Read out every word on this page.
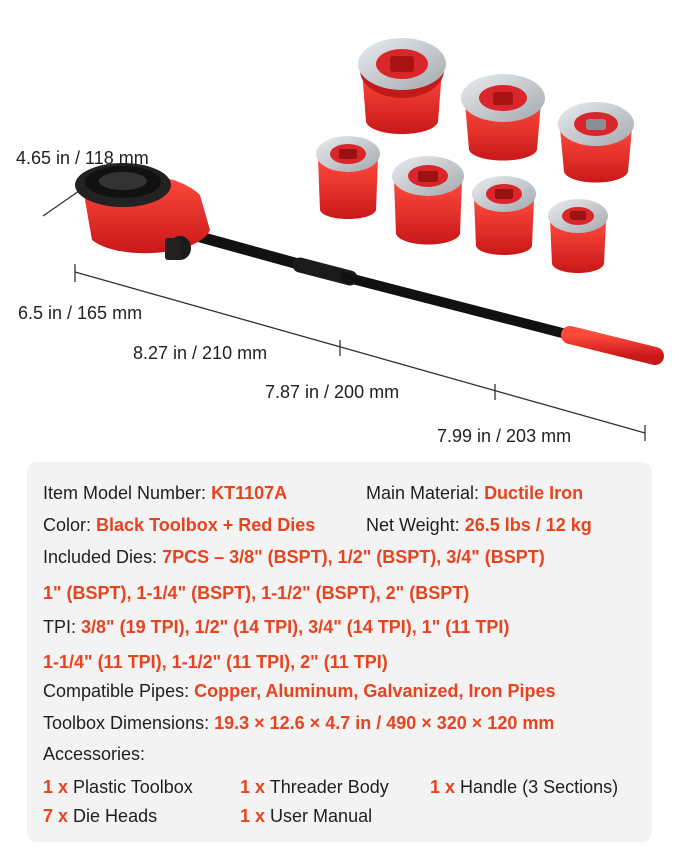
4.65 in / 118 mm
6.5 in / 165 mm
8.27 in / 210 mm
7.87 in / 200 mm
7.99 in / 203 mm
Item Model Number: KT1107A	Main Material: Ductile Iron
Color: Black Toolbox + Red Dies	Net Weight: 26.5 lbs / 12 kg
Included Dies: 7PCS – 3/8" (BSPT), 1/2" (BSPT), 3/4" (BSPT)
1" (BSPT), 1-1/4" (BSPT), 1-1/2" (BSPT), 2" (BSPT)
TPI: 3/8" (19 TPI), 1/2" (14 TPI), 3/4" (14 TPI), 1" (11 TPI)
1-1/4" (11 TPI), 1-1/2" (11 TPI), 2" (11 TPI)
Compatible Pipes: Copper, Aluminum, Galvanized, Iron Pipes
Toolbox Dimensions: 19.3 × 12.6 × 4.7 in / 490 × 320 × 120 mm
Accessories:
1 x Plastic Toolbox	1 x Threader Body 1 x Handle (3 Sections)
7 x Die Heads	1 x User Manual
